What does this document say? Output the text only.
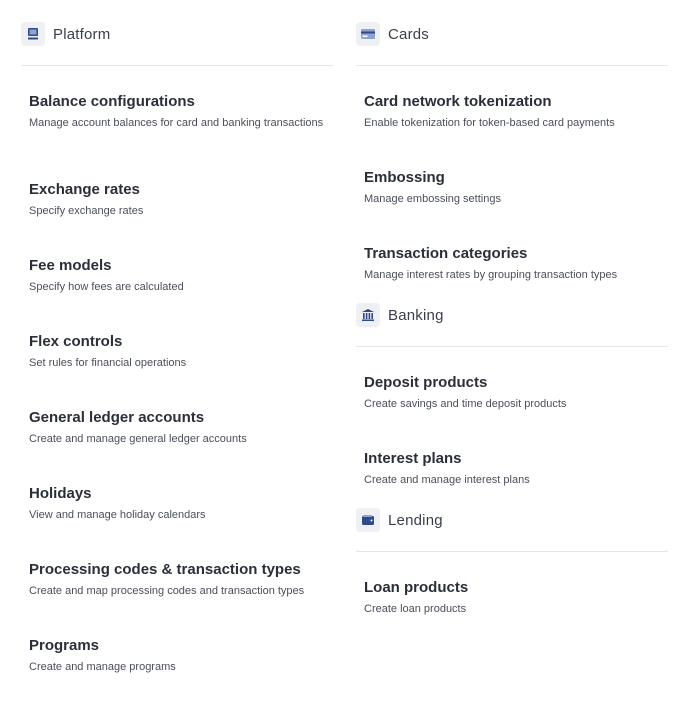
Platform
Balance configurations
Manage account balances for card and banking transactions
Exchange rates
Specify exchange rates
Fee models
Specify how fees are calculated
Flex controls
Set rules for financial operations
General ledger accounts
Create and manage general ledger accounts
Holidays
View and manage holiday calendars
Processing codes & transaction types
Create and map processing codes and transaction types
Programs
Create and manage programs
Cards
Card network tokenization
Enable tokenization for token-based card payments
Embossing
Manage embossing settings
Transaction categories
Manage interest rates by grouping transaction types
Banking
Deposit products
Create savings and time deposit products
Interest plans
Create and manage interest plans
Lending
Loan products
Create loan products
